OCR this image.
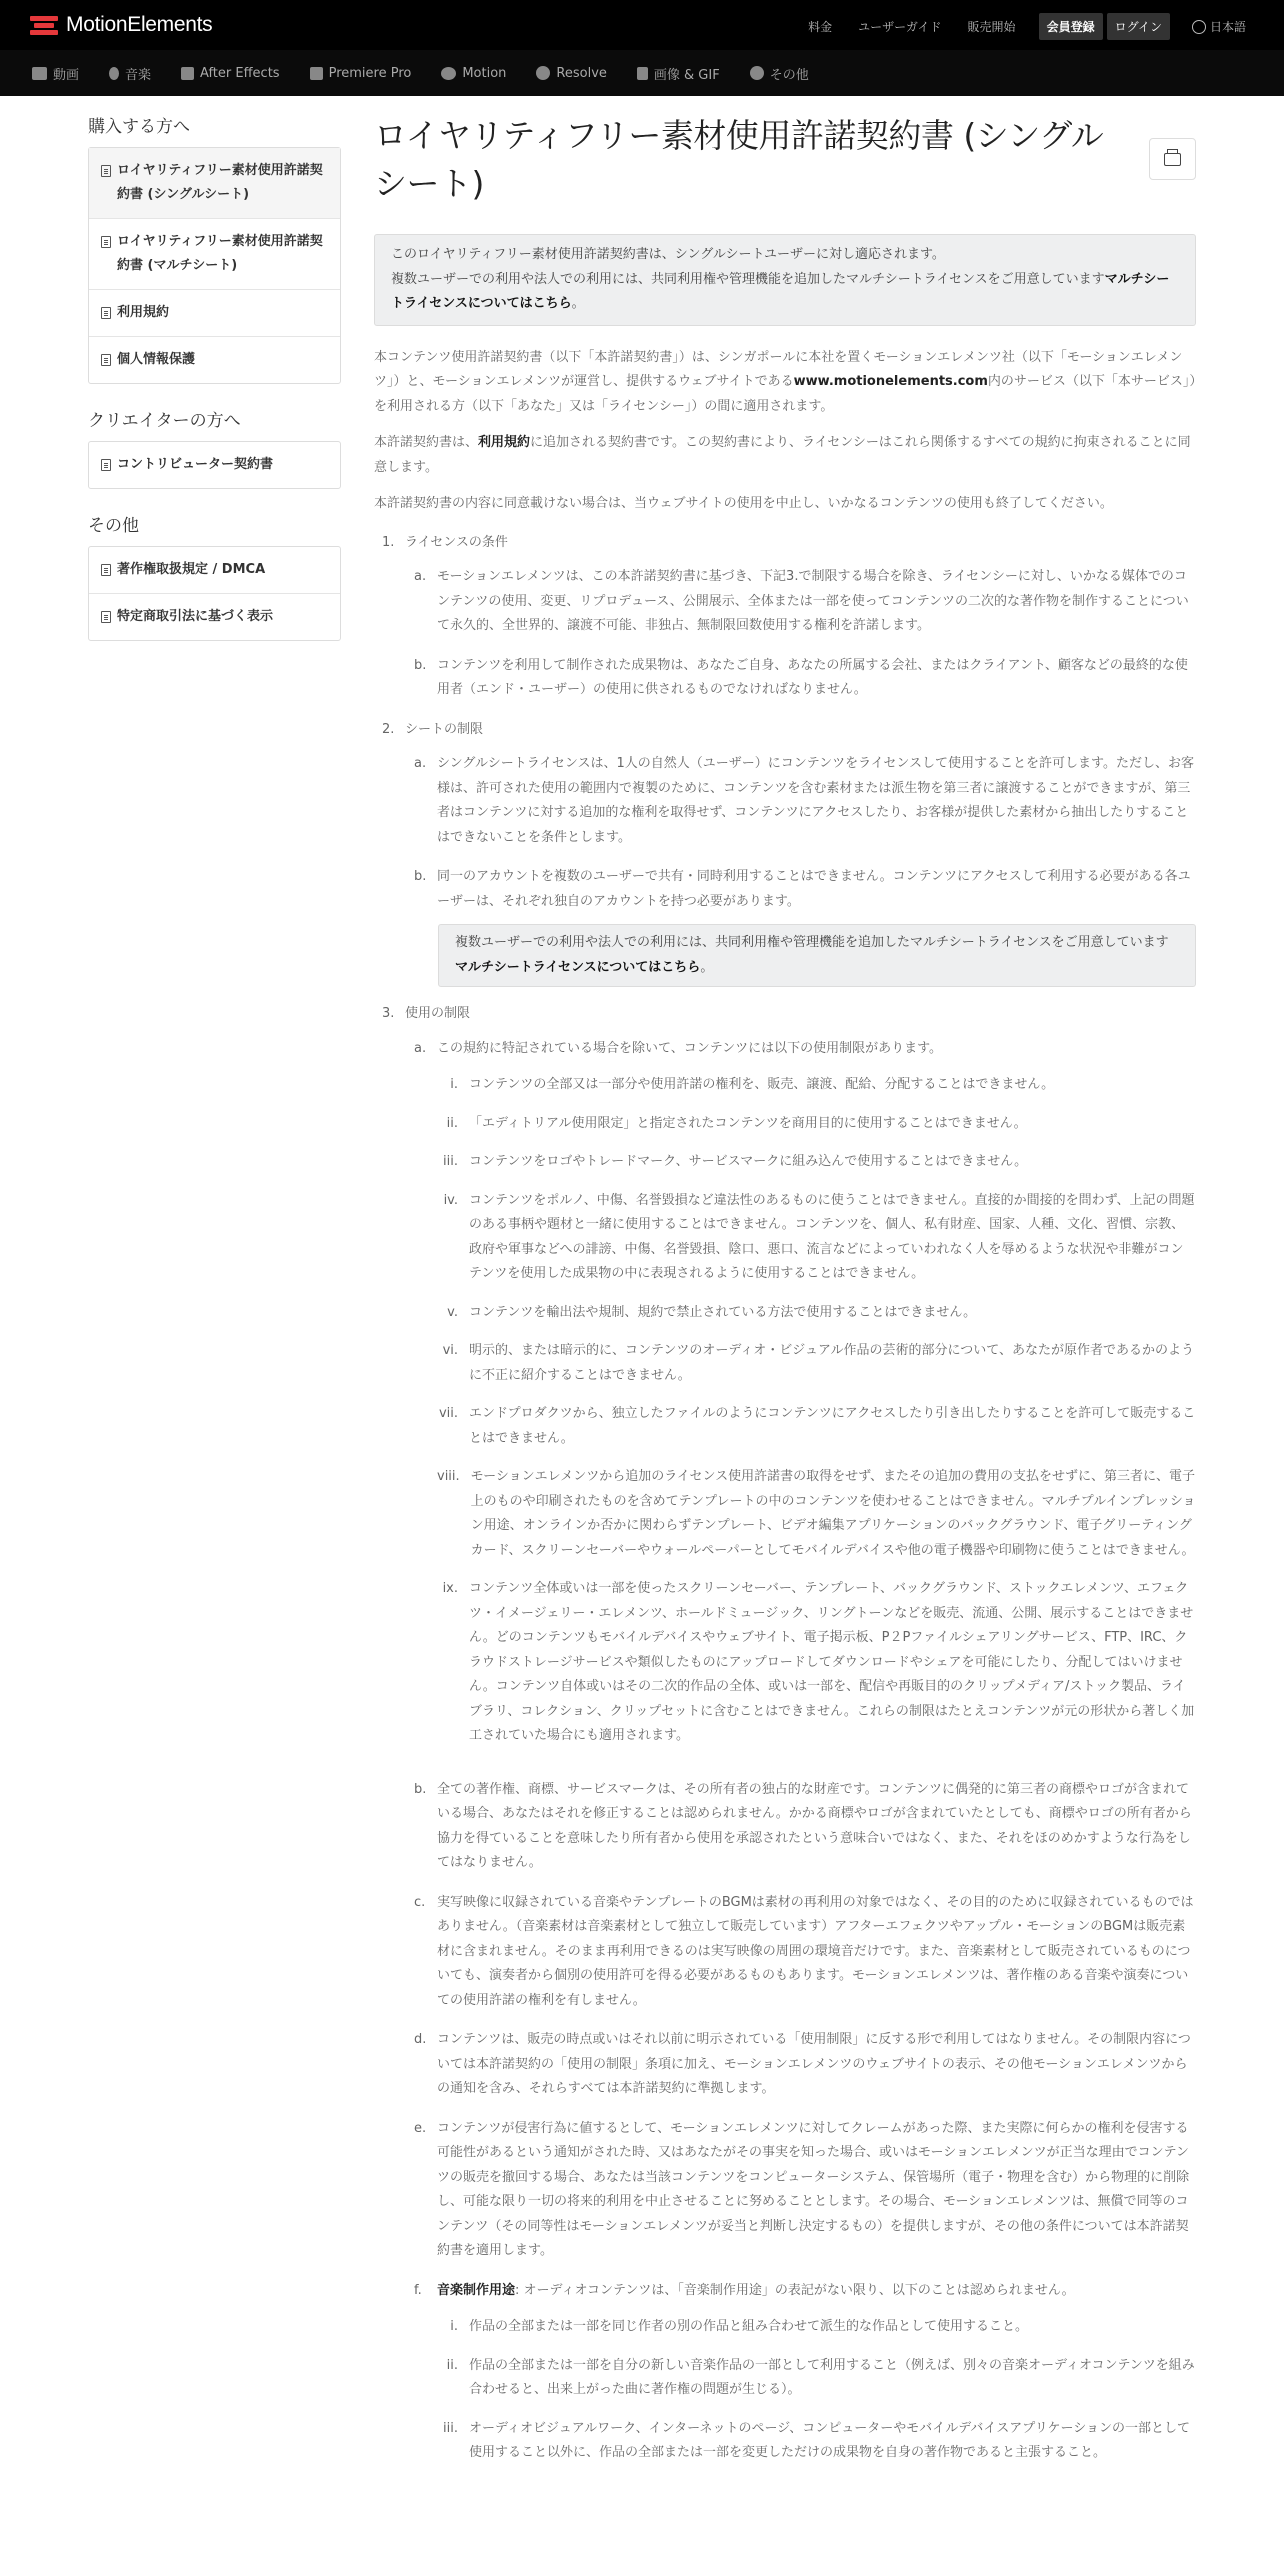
MotionElements	料金	ユーザーガイド	販売開始	会員登録	ログイン	日本語
動画	音楽	After Effects	Premiere Pro	Motion	Resolve	画像 & GIF	その他
購入する方へ
ロイヤリティフリー素材使用許諾契約書 (シングルシート)
ロイヤリティフリー素材使用許諾契約書 (マルチシート)
利用規約
個人情報保護
クリエイターの方へ
コントリビューター契約書
その他
著作権取扱規定 / DMCA
特定商取引法に基づく表示
ロイヤリティフリー素材使用許諾契約書 (シングルシート)
このロイヤリティフリー素材使用許諾契約書は、シングルシートユーザーに対し適応されます。
複数ユーザーでの利用や法人での利用には、共同利用権や管理機能を追加したマルチシートライセンスをご用意していますマルチシートライセンスについてはこちら。

本コンテンツ使用許諾契約書（以下「本許諾契約書」）は、シンガポールに本社を置くモーションエレメンツ社（以下「モーションエレメンツ」）と、モーションエレメンツが運営し、提供するウェブサイトであるwww.motionelements.com内のサービス（以下「本サービス」）を利用される方（以下「あなた」又は「ライセンシー」）の間に適用されます。

本許諾契約書は、利用規約に追加される契約書です。この契約書により、ライセンシーはこれら関係するすべての規約に拘束されることに同意します。

本許諾契約書の内容に同意載けない場合は、当ウェブサイトの使用を中止し、いかなるコンテンツの使用も終了してください。

1. ライセンスの条件
a. モーションエレメンツは、この本許諾契約書に基づき、下記3.で制限する場合を除き、ライセンシーに対し、いかなる媒体でのコンテンツの使用、変更、リプロデュース、公開展示、全体または一部を使ってコンテンツの二次的な著作物を制作することについて永久的、全世界的、譲渡不可能、非独占、無制限回数使用する権利を許諾します。
b. コンテンツを利用して制作された成果物は、あなたご自身、あなたの所属する会社、またはクライアント、顧客などの最終的な使用者（エンド・ユーザー）の使用に供されるものでなければなりません。
2. シートの制限
a. シングルシートライセンスは、1人の自然人（ユーザー）にコンテンツをライセンスして使用することを許可します。ただし、お客様は、許可された使用の範囲内で複製のために、コンテンツを含む素材または派生物を第三者に譲渡することができますが、第三者はコンテンツに対する追加的な権利を取得せず、コンテンツにアクセスしたり、お客様が提供した素材から抽出したりすることはできないことを条件とします。
b. 同一のアカウントを複数のユーザーで共有・同時利用することはできません。コンテンツにアクセスして利用する必要がある各ユーザーは、それぞれ独自のアカウントを持つ必要があります。
複数ユーザーでの利用や法人での利用には、共同利用権や管理機能を追加したマルチシートライセンスをご用意していますマルチシートライセンスについてはこちら。
3. 使用の制限
a. この規約に特記されている場合を除いて、コンテンツには以下の使用制限があります。
i. コンテンツの全部又は一部分や使用許諾の権利を、販売、譲渡、配給、分配することはできません。
ii. 「エディトリアル使用限定」と指定されたコンテンツを商用目的に使用することはできません。
iii. コンテンツをロゴやトレードマーク、サービスマークに組み込んで使用することはできません。
iv. コンテンツをポルノ、中傷、名誉毀損など違法性のあるものに使うことはできません。直接的か間接的を問わず、上記の問題のある事柄や題材と一緒に使用することはできません。コンテンツを、個人、私有財産、国家、人種、文化、習慣、宗教、政府や軍事などへの誹謗、中傷、名誉毀損、陰口、悪口、流言などによっていわれなく人を辱めるような状況や非難がコンテンツを使用した成果物の中に表現されるように使用することはできません。
v. コンテンツを輸出法や規制、規約で禁止されている方法で使用することはできません。
vi. 明示的、または暗示的に、コンテンツのオーディオ・ビジュアル作品の芸術的部分について、あなたが原作者であるかのように不正に紹介することはできません。
vii. エンドプロダクツから、独立したファイルのようにコンテンツにアクセスしたり引き出したりすることを許可して販売することはできません。
viii. モーションエレメンツから追加のライセンス使用許諾書の取得をせず、またその追加の費用の支払をせずに、第三者に、電子上のものや印刷されたものを含めてテンプレートの中のコンテンツを使わせることはできません。マルチプルインプレッション用途、オンラインか否かに関わらずテンプレート、ビデオ編集アプリケーションのバックグラウンド、電子グリーティングカード、スクリーンセーバーやウォールペーパーとしてモバイルデバイスや他の電子機器や印刷物に使うことはできません。
ix. コンテンツ全体或いは一部を使ったスクリーンセーバー、テンプレート、バックグラウンド、ストックエレメンツ、エフェクツ・イメージェリー・エレメンツ、ホールドミュージック、リングトーンなどを販売、流通、公開、展示することはできません。どのコンテンツもモバイルデバイスやウェブサイト、電子掲示板、P２Pファイルシェアリングサービス、FTP、IRC、クラウドストレージサービスや類似したものにアップロードしてダウンロードやシェアを可能にしたり、分配してはいけません。コンテンツ自体或いはその二次的作品の全体、或いは一部を、配信や再販目的のクリップメディア/ストック製品、ライブラリ、コレクション、クリップセットに含むことはできません。これらの制限はたとえコンテンツが元の形状から著しく加工されていた場合にも適用されます。
b. 全ての著作権、商標、サービスマークは、その所有者の独占的な財産です。コンテンツに偶発的に第三者の商標やロゴが含まれている場合、あなたはそれを修正することは認められません。かかる商標やロゴが含まれていたとしても、商標やロゴの所有者から協力を得ていることを意味したり所有者から使用を承認されたという意味合いではなく、また、それをほのめかすような行為をしてはなりません。
c. 実写映像に収録されている音楽やテンプレートのBGMは素材の再利用の対象ではなく、その目的のために収録されているものではありません。（音楽素材は音楽素材として独立して販売しています）アフターエフェクツやアップル・モーションのBGMは販売素材に含まれません。そのまま再利用できるのは実写映像の周囲の環境音だけです。また、音楽素材として販売されているものについても、演奏者から個別の使用許可を得る必要があるものもあります。モーションエレメンツは、著作権のある音楽や演奏についての使用許諾の権利を有しません。
d. コンテンツは、販売の時点或いはそれ以前に明示されている「使用制限」に反する形で利用してはなりません。その制限内容については本許諾契約の「使用の制限」条項に加え、モーションエレメンツのウェブサイトの表示、その他モーションエレメンツからの通知を含み、それらすべては本許諾契約に準拠します。
e. コンテンツが侵害行為に値するとして、モーションエレメンツに対してクレームがあった際、また実際に何らかの権利を侵害する可能性があるという通知がされた時、又はあなたがその事実を知った場合、或いはモーションエレメンツが正当な理由でコンテンツの販売を撤回する場合、あなたは当該コンテンツをコンピューターシステム、保管場所（電子・物理を含む）から物理的に削除し、可能な限り一切の将来的利用を中止させることに努めることとします。その場合、モーションエレメンツは、無償で同等のコンテンツ（その同等性はモーションエレメンツが妥当と判断し決定するもの）を提供しますが、その他の条件については本許諾契約書を適用します。
f.	音楽制作用途: オーディオコンテンツは、「音楽制作用途」の表記がない限り、以下のことは認められません。
i. 作品の全部または一部を同じ作者の別の作品と組み合わせて派生的な作品として使用すること。
ii. 作品の全部または一部を自分の新しい音楽作品の一部として利用すること（例えば、別々の音楽オーディオコンテンツを組み合わせると、出来上がった曲に著作権の問題が生じる）。
iii. オーディオビジュアルワーク、インターネットのページ、コンピューターやモバイルデバイスアプリケーションの一部として使用すること以外に、作品の全部または一部を変更しただけの成果物を自身の著作物であると主張すること。
